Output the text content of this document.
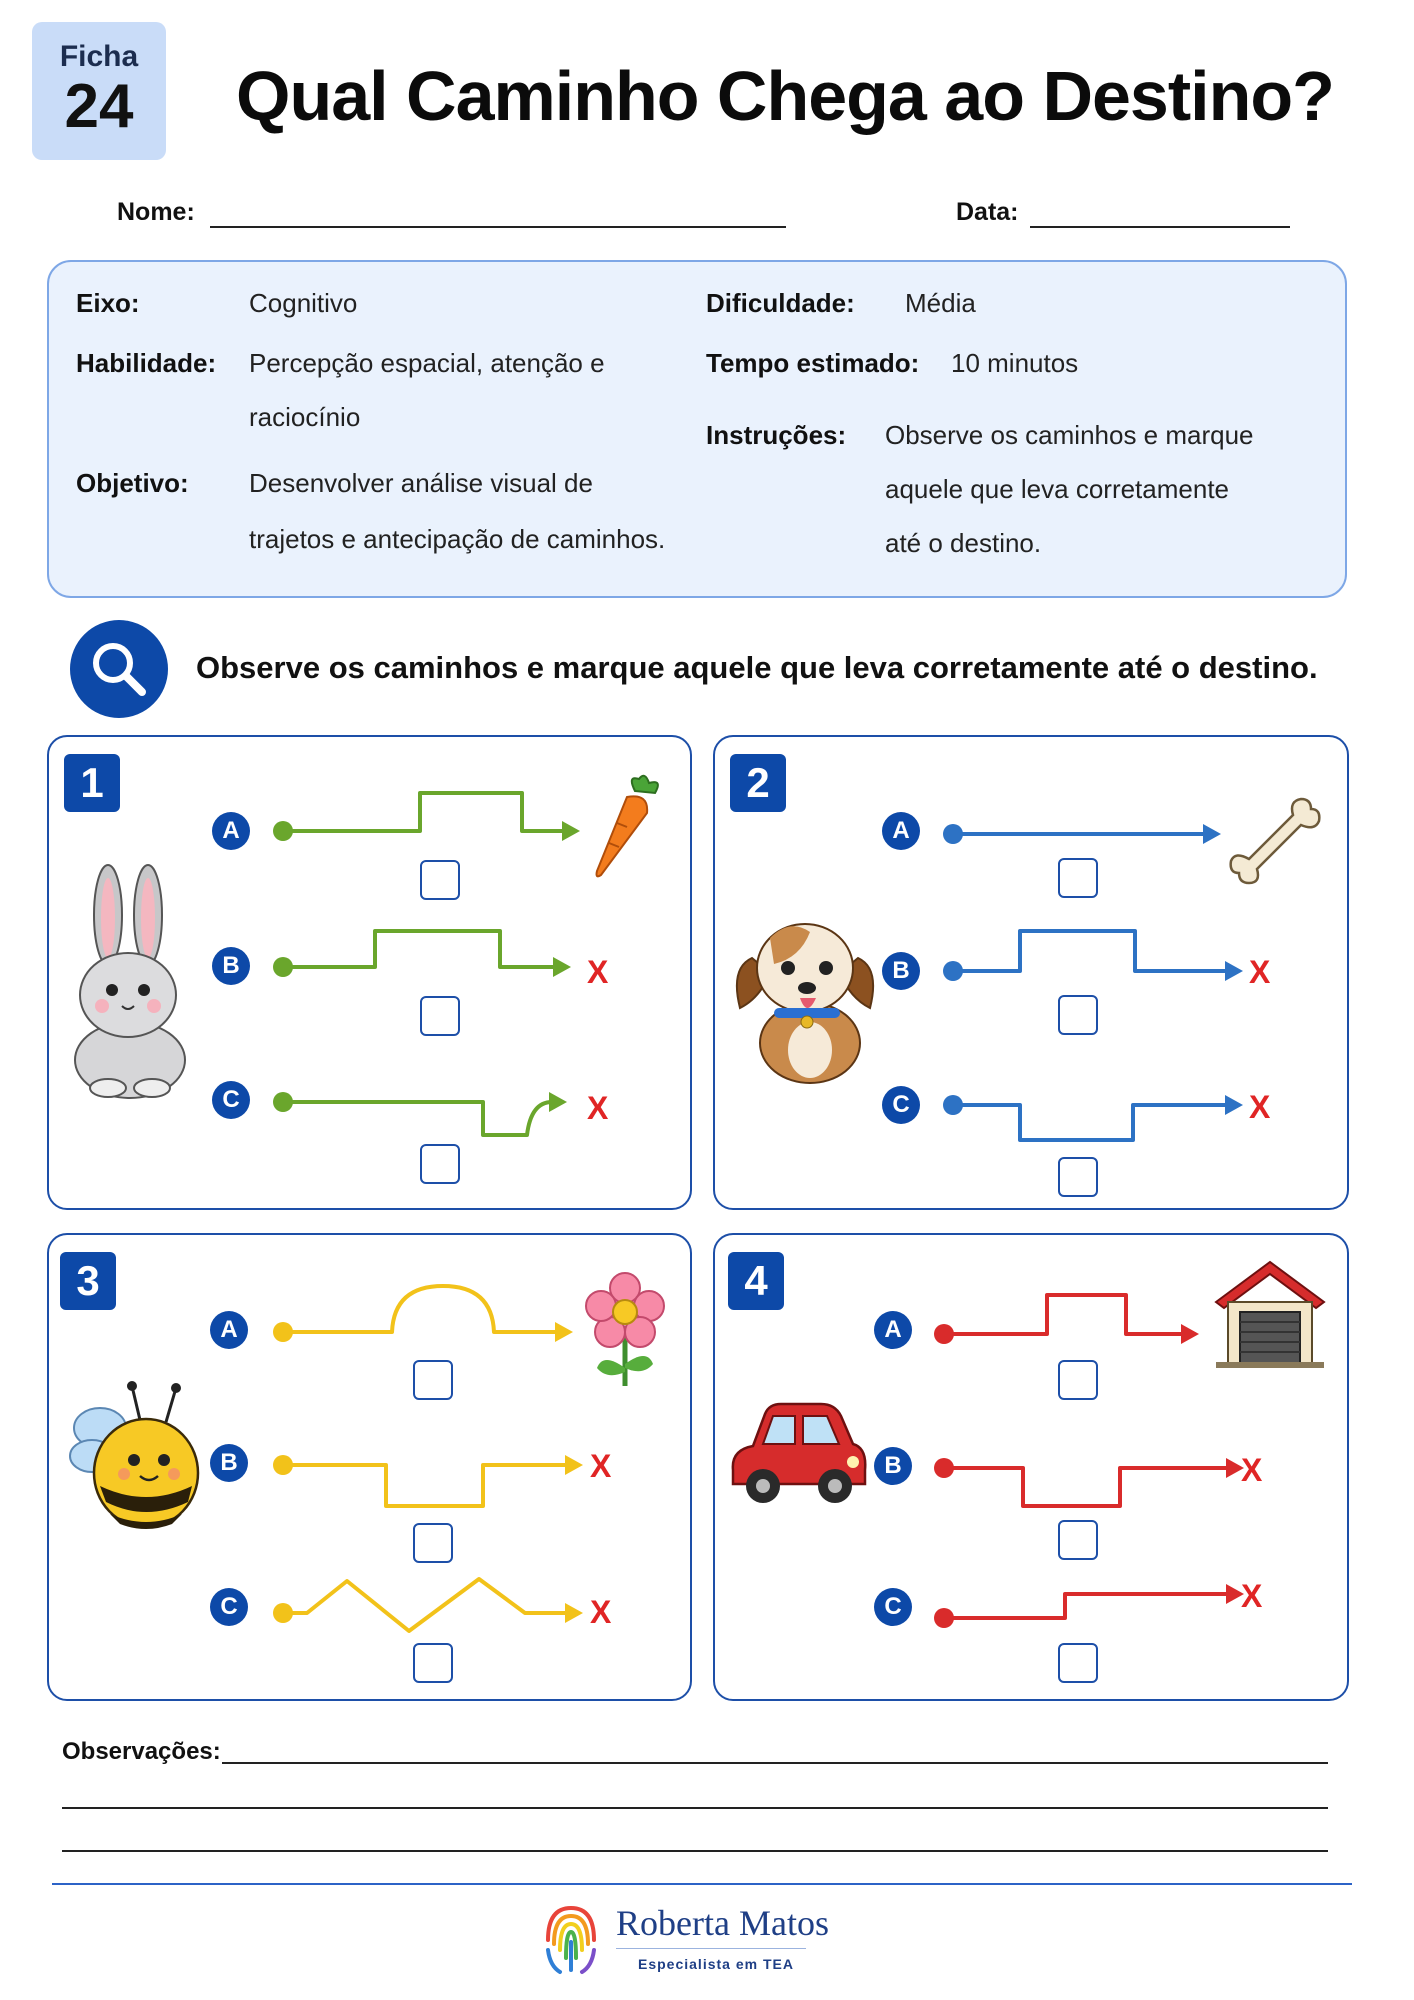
Ficha
24	Qual Caminho Chega ao Destino?
Nome:	Data:
Eixo:	Cognitivo
Habilidade: Percepção espacial, atenção e
raciocínio
Objetivo: Desenvolver análise visual de
trajetos e antecipação de caminhos.
Dificuldade: Média
Tempo estimado: 10 minutos
Instruções: Observe os caminhos e marque
aquele que leva corretamente
até o destino.
Observe os caminhos e marque aquele que leva corretamente até o destino.
1
A
B
C
X
X
2
A
B
C
X
X
3
A
B
C
X
X
4
A
B
C
X
X
Observações:
Roberta Matos
Especialista em TEA
